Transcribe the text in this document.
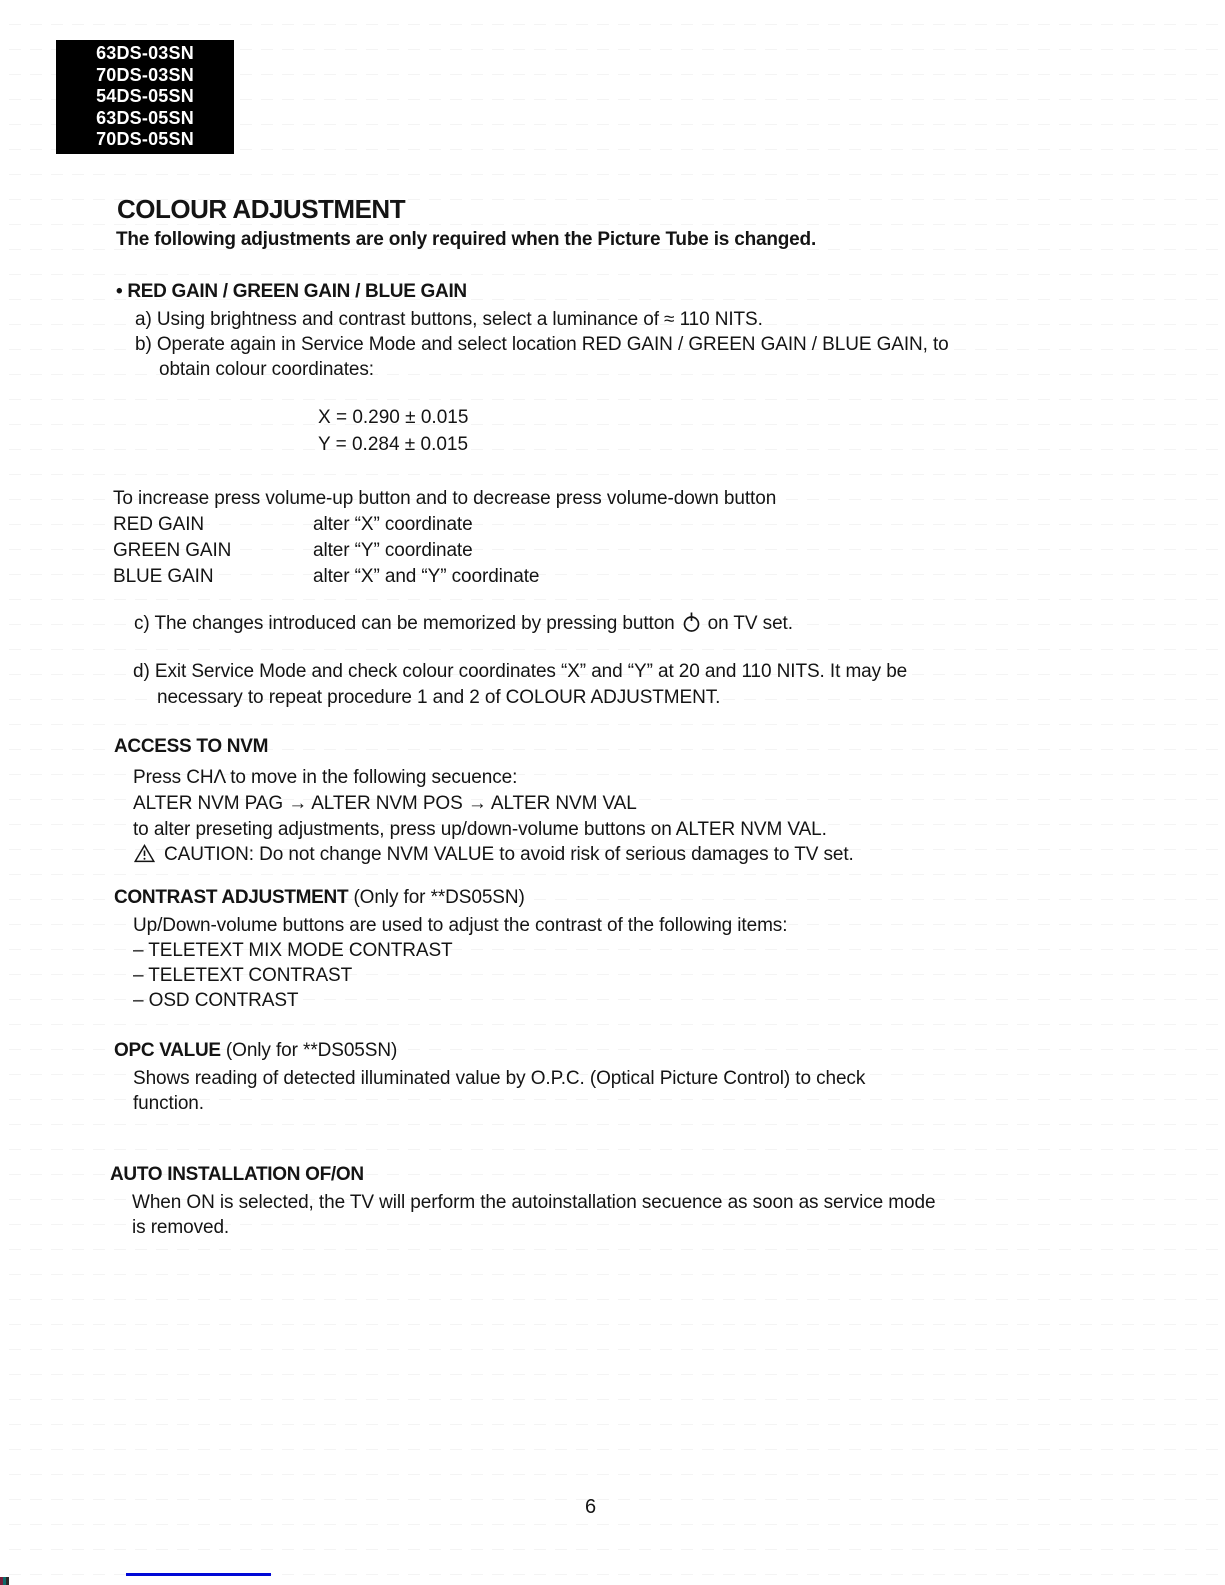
63DS-03SN
70DS-03SN
54DS-05SN
63DS-05SN
70DS-05SN
COLOUR ADJUSTMENT
The following adjustments are only required when the Picture Tube is changed.
• RED GAIN / GREEN GAIN / BLUE GAIN
a) Using brightness and contrast buttons, select a luminance of ≈ 110 NITS.
b) Operate again in Service Mode and select location RED GAIN / GREEN GAIN / BLUE GAIN, to
obtain colour coordinates:
X = 0.290 ± 0.015
Y = 0.284 ± 0.015
To increase press volume-up button and to decrease press volume-down button
RED GAIN	alter “X” coordinate
GREEN GAIN	alter “Y” coordinate
BLUE GAIN	alter “X” and “Y” coordinate
c) The changes introduced can be memorized by pressing button on TV set.
d) Exit Service Mode and check colour coordinates “X” and “Y” at 20 and 110 NITS. It may be
necessary to repeat procedure 1 and 2 of COLOUR ADJUSTMENT.
ACCESS TO NVM
Press CHΛ to move in the following secuence:
ALTER NVM PAG → ALTER NVM POS → ALTER NVM VAL
to alter preseting adjustments, press up/down-volume buttons on ALTER NVM VAL.
CAUTION: Do not change NVM VALUE to avoid risk of serious damages to TV set.
CONTRAST ADJUSTMENT (Only for **DS05SN)
Up/Down-volume buttons are used to adjust the contrast of the following items:
– TELETEXT MIX MODE CONTRAST
– TELETEXT CONTRAST
– OSD CONTRAST
OPC VALUE (Only for **DS05SN)
Shows reading of detected illuminated value by O.P.C. (Optical Picture Control) to check
function.
AUTO INSTALLATION OF/ON
When ON is selected, the TV will perform the autoinstallation secuence as soon as service mode
is removed.
6
